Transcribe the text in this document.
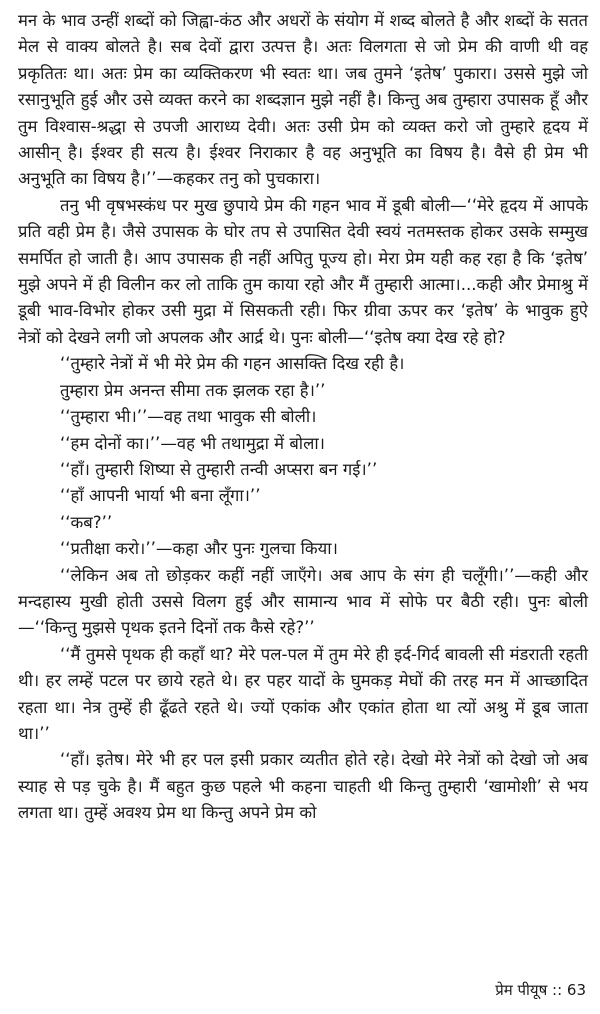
मन के भाव उन्हीं शब्दों को जिह्वा-कंठ और अधरों के संयोग में शब्द बोलते है और शब्दों के सतत मेल से वाक्य बोलते है। सब देवों द्वारा उत्पत्त है। अतः विलगता से जो प्रेम की वाणी थी वह प्रकृतितः था। अतः प्रेम का व्यक्तिकरण भी स्वतः था। जब तुमने ‘इतेष’ पुकारा। उससे मुझे जो रसानुभूति हुई और उसे व्यक्त करने का शब्दज्ञान मुझे नहीं है। किन्तु अब तुम्हारा उपासक हूँ और तुम विश्वास-श्रद्धा से उपजी आराध्य देवी। अतः उसी प्रेम को व्यक्त करो जो तुम्हारे हृदय में आसीन् है। ईश्वर ही सत्य है। ईश्वर निराकार है वह अनुभूति का विषय है। वैसे ही प्रेम भी अनुभूति का विषय है।’’—कहकर तनु को पुचकारा।

तनु भी वृषभस्कंध पर मुख छुपाये प्रेम की गहन भाव में डूबी बोली—‘‘मेरे हृदय में आपके प्रति वही प्रेम है। जैसे उपासक के घोर तप से उपासित देवी स्वयं नतमस्तक होकर उसके सम्मुख समर्पित हो जाती है। आप उपासक ही नहीं अपितु पूज्य हो। मेरा प्रेम यही कह रहा है कि ‘इतेष’ मुझे अपने में ही विलीन कर लो ताकि तुम काया रहो और मैं तुम्हारी आत्मा।...कही और प्रेमाश्रु में डूबी भाव-विभोर होकर उसी मुद्रा में सिसकती रही। फिर ग्रीवा ऊपर कर ‘इतेष’ के भावुक हुऐ नेत्रों को देखने लगी जो अपलक और आर्द्र थे। पुनः बोली—‘‘इतेष क्या देख रहे हो?

‘‘तुम्हारे नेत्रों में भी मेरे प्रेम की गहन आसक्ति दिख रही है।

तुम्हारा प्रेम अनन्त सीमा तक झलक रहा है।’’

‘‘तुम्हारा भी।’’—वह तथा भावुक सी बोली।

‘‘हम दोनों का।’’—वह भी तथामुद्रा में बोला।

‘‘हाँ। तुम्हारी शिष्या से तुम्हारी तन्वी अप्सरा बन गई।’’

‘‘हाँ आपनी भार्या भी बना लूँगा।’’

‘‘कब?’’

‘‘प्रतीक्षा करो।’’—कहा और पुनः गुलचा किया।

‘‘लेकिन अब तो छोड़कर कहीं नहीं जाएँगे। अब आप के संग ही चलूँगी।’’—कही और मन्दहास्य मुखी होती उससे विलग हुई और सामान्य भाव में सोफे पर बैठी रही। पुनः बोली—‘‘किन्तु मुझसे पृथक इतने दिनों तक कैसे रहे?’’

‘‘मैं तुमसे पृथक ही कहाँ था? मेरे पल-पल में तुम मेरे ही इर्द-गिर्द बावली सी मंडराती रहती थी। हर लम्हें पटल पर छाये रहते थे। हर पहर यादों के घुमकड़ मेघों की तरह मन में आच्छादित रहता था। नेत्र तुम्हें ही ढूँढते रहते थे। ज्यों एकांक और एकांत होता था त्यों अश्रु में डूब जाता था।’’

‘‘हाँ। इतेष। मेरे भी हर पल इसी प्रकार व्यतीत होते रहे। देखो मेरे नेत्रों को देखो जो अब स्याह से पड़ चुके है। मैं बहुत कुछ पहले भी कहना चाहती थी किन्तु तुम्हारी ‘खामोशी’ से भय लगता था। तुम्हें अवश्य प्रेम था किन्तु अपने प्रेम को

प्रेम पीयूष :: 63
